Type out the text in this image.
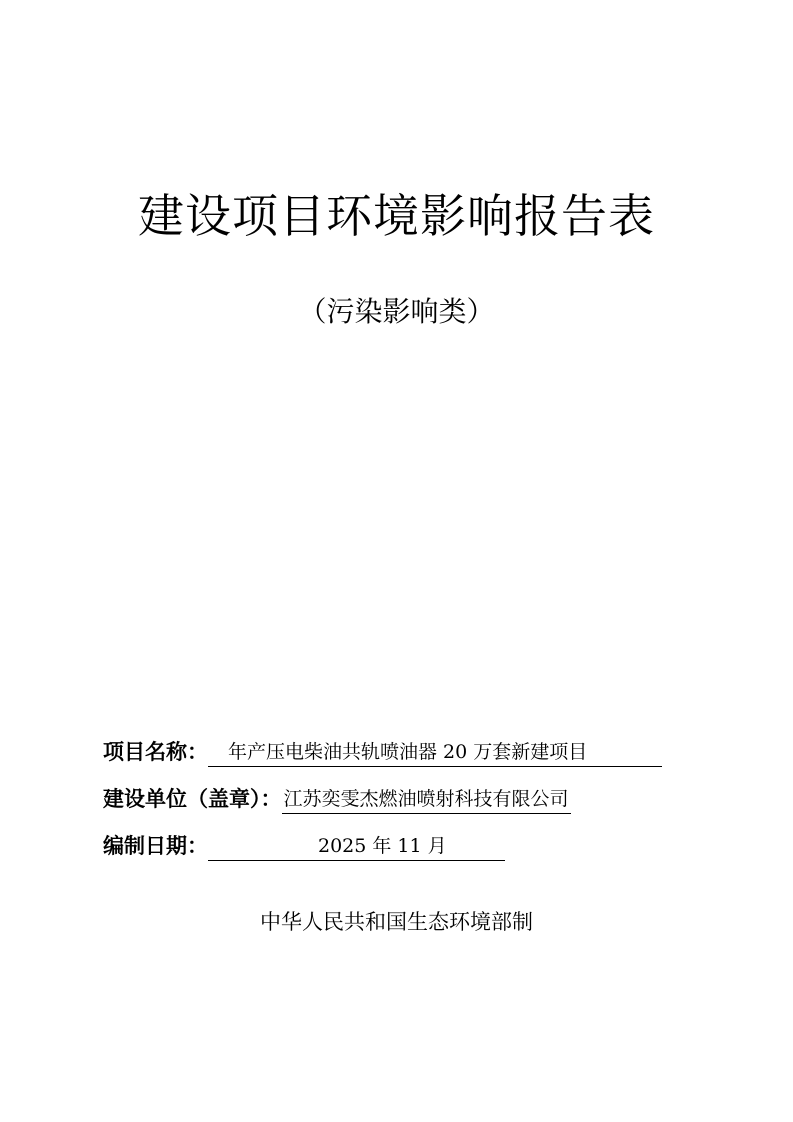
建设项目环境影响报告表
（污染影响类）
项目名称：	年产压电柴油共轨喷油器 20 万套新建项目
建设单位（盖章）： 江苏奕雯杰燃油喷射科技有限公司
编制日期：	2025 年 11 月
中华人民共和国生态环境部制
